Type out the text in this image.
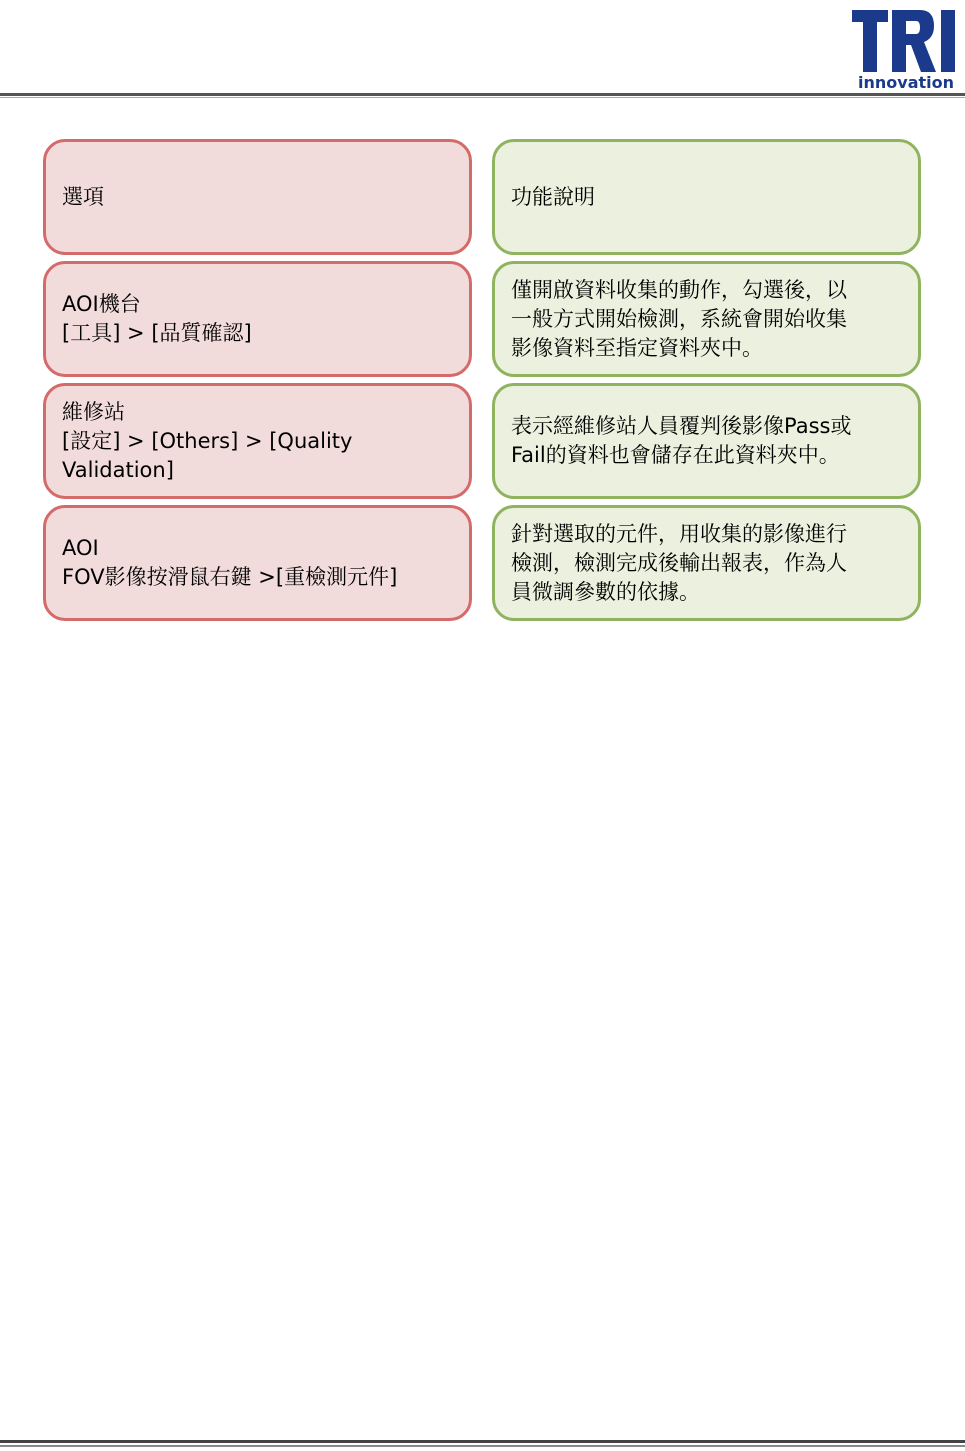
innovation
選項	功能說明
AOI機台
[工具] > [品質確認]
僅開啟資料收集的動作，勾選後，以
一般方式開始檢測，系統會開始收集
影像資料至指定資料夾中。
維修站
[設定] > [Others] > [Quality Validation]
表示經維修站人員覆判後影像Pass或
Fail的資料也會儲存在此資料夾中。
AOI
FOV影像按滑鼠右鍵 >[重檢測元件]
針對選取的元件，用收集的影像進行
檢測，檢測完成後輸出報表，作為人
員微調參數的依據。
